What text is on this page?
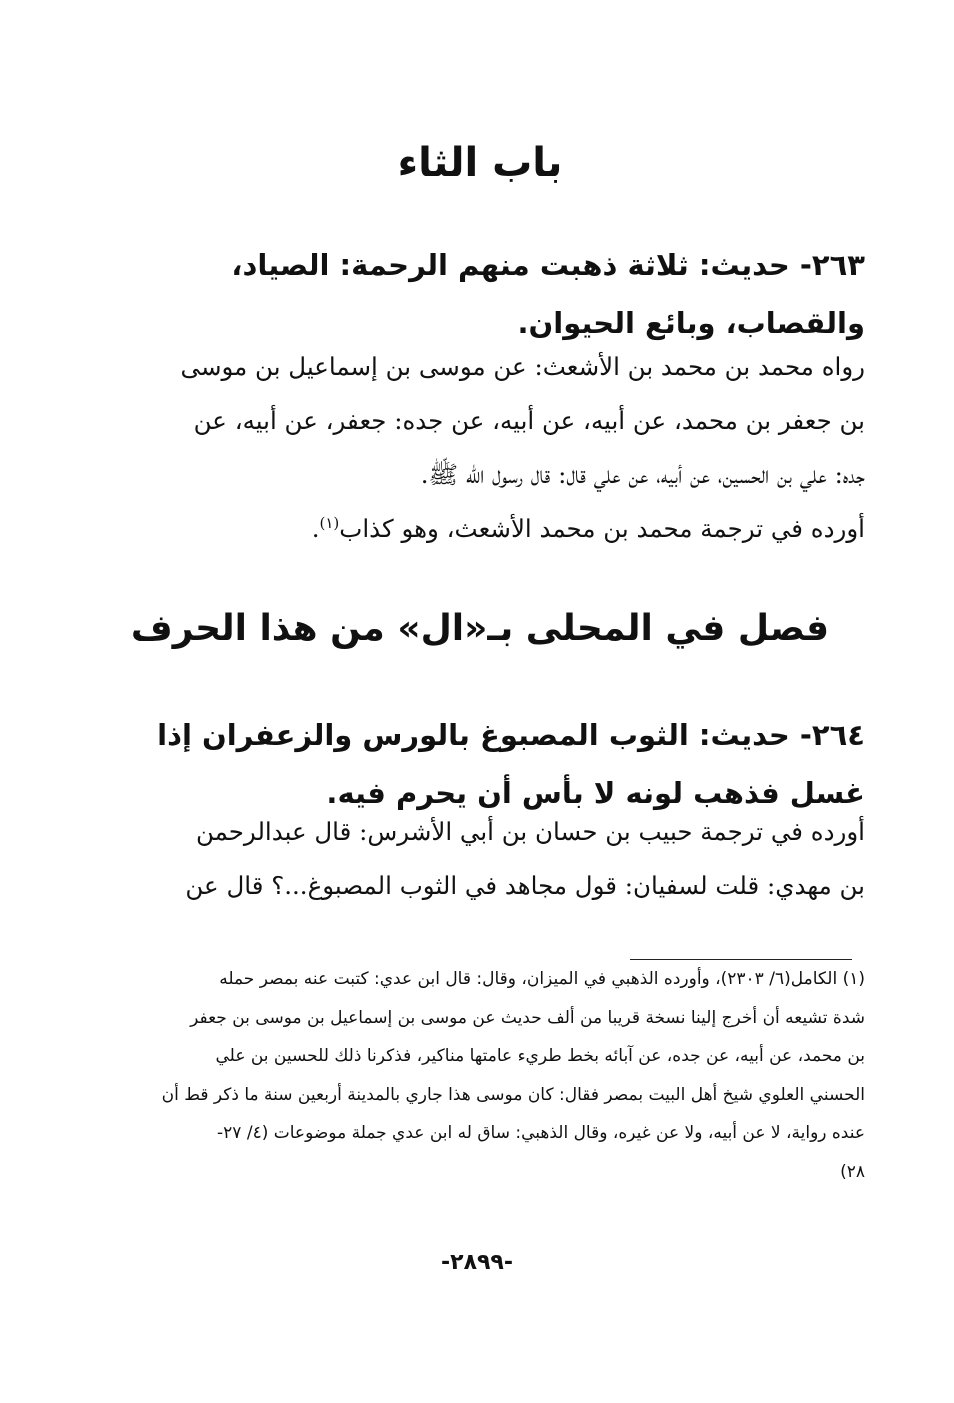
باب الثاء
٢٦٣- حديث: ثلاثة ذهبت منهم الرحمة: الصياد،
والقصاب، وبائع الحيوان.
رواه محمد بن محمد بن الأشعث: عن موسى بن إسماعيل بن موسى
بن جعفر بن محمد، عن أبيه، عن أبيه، عن جده: جعفر، عن أبيه، عن
جده: علي بن الحسين، عن أبيه، عن علي قال: قال رسول الله ﷺ.
أورده في ترجمة محمد بن محمد الأشعث، وهو كذاب$^{(١)}$.
فصل في المحلى بـ«ال» من هذا الحرف
٢٦٤- حديث: الثوب المصبوغ بالورس والزعفران إذا
غسل فذهب لونه لا بأس أن يحرم فيه.
أورده في ترجمة حبيب بن حسان بن أبي الأشرس: قال عبدالرحمن
بن مهدي: قلت لسفيان: قول مجاهد في الثوب المصبوغ...؟ قال عن
(١) الكامل(٦/ ٢٣٠٣)، وأورده الذهبي في الميزان، وقال: قال ابن عدي: كتبت عنه بمصر حمله
شدة تشيعه أن أخرج إلينا نسخة قريبا من ألف حديث عن موسى بن إسماعيل بن موسى بن جعفر
بن محمد، عن أبيه، عن جده، عن آبائه بخط طريء عامتها مناكير، فذكرنا ذلك للحسين بن علي
الحسني العلوي شيخ أهل البيت بمصر فقال: كان موسى هذا جاري بالمدينة أربعين سنة ما ذكر قط أن
عنده رواية، لا عن أبيه، ولا عن غيره، وقال الذهبي: ساق له ابن عدي جملة موضوعات (٤/ ٢٧-
٢٨)
-٢٨٩٩-
